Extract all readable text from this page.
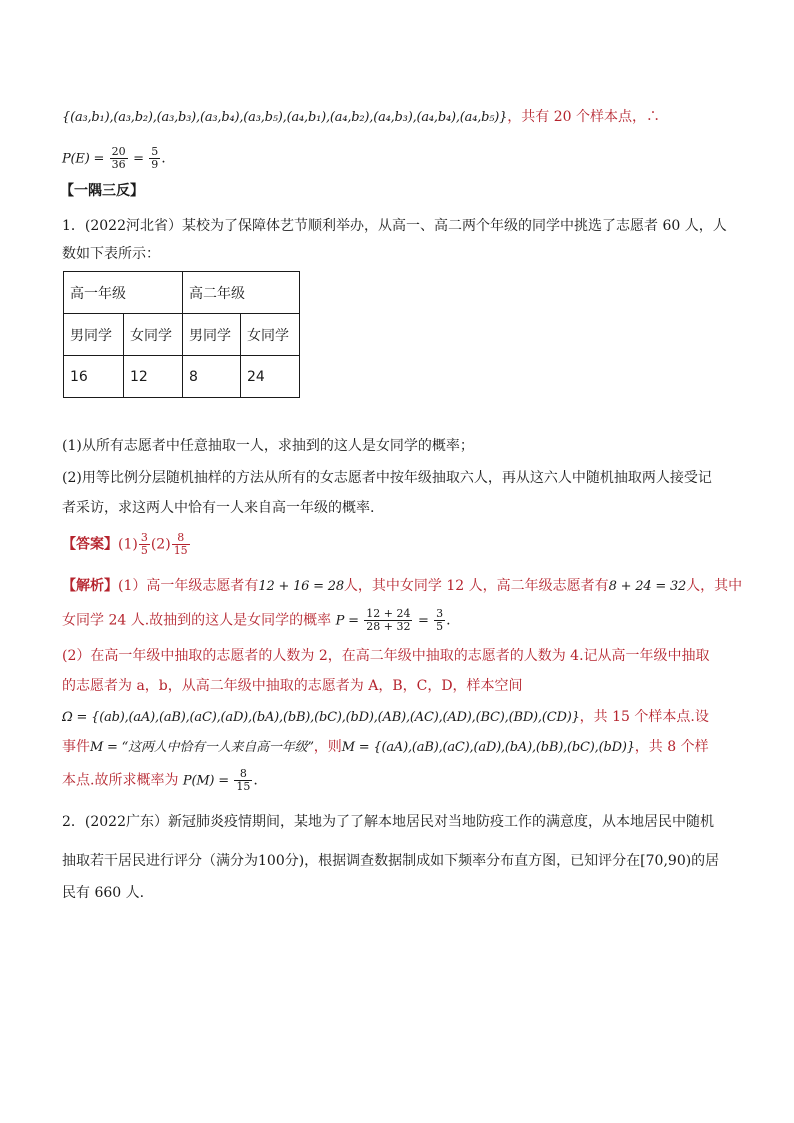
{(a₃,b₁),(a₃,b₂),(a₃,b₃),(a₃,b₄),(a₃,b₅),(a₄,b₁),(a₄,b₂),(a₄,b₃),(a₄,b₄),(a₄,b₅)}，共有 20 个样本点，∴
$P(E) = \frac{20}{36} = \frac{5}{9}$ .
【一隅三反】
1．(2022河北省）某校为了保障体艺节顺利举办，从高一、高二两个年级的同学中挑选了志愿者 60 人，人
数如下表所示：
高一年级		高二年级	
男同学	女同学	男同学	女同学
16	12	8	24
(1)从所有志愿者中任意抽取一人，求抽到的这人是女同学的概率；
(2)用等比例分层随机抽样的方法从所有的女志愿者中按年级抽取六人，再从这六人中随机抽取两人接受记
者采访，求这两人中恰有一人来自高一年级的概率.
【答案】$(1) \frac{3}{5} (2) \frac{8}{15}$
【解析】(1）高一年级志愿者有12 + 16 = 28人，其中女同学 12 人，高二年级志愿者有8 + 24 = 32人，其中
女同学 24 人.故抽到的这人是女同学的概率 $P = \frac{12 + 24}{28 + 32} = \frac{3}{5}$ .
(2）在高一年级中抽取的志愿者的人数为 2，在高二年级中抽取的志愿者的人数为 4.记从高一年级中抽取
的志愿者为 a，b，从高二年级中抽取的志愿者为 A，B，C，D，样本空间
Ω = {(ab),(aA),(aB),(aC),(aD),(bA),(bB),(bC),(bD),(AB),(AC),(AD),(BC),(BD),(CD)}，共 15 个样本点.设
事件M = “这两人中恰有一人来自高一年级”，则M = {(aA),(aB),(aC),(aD),(bA),(bB),(bC),(bD)}，共 8 个样
本点.故所求概率为 $P(M) = \frac{8}{15}$ .
2．(2022广东）新冠肺炎疫情期间，某地为了了解本地居民对当地防疫工作的满意度，从本地居民中随机
抽取若干居民进行评分（满分为100分)，根据调查数据制成如下频率分布直方图，已知评分在[70,90)的居
民有 660 人.
